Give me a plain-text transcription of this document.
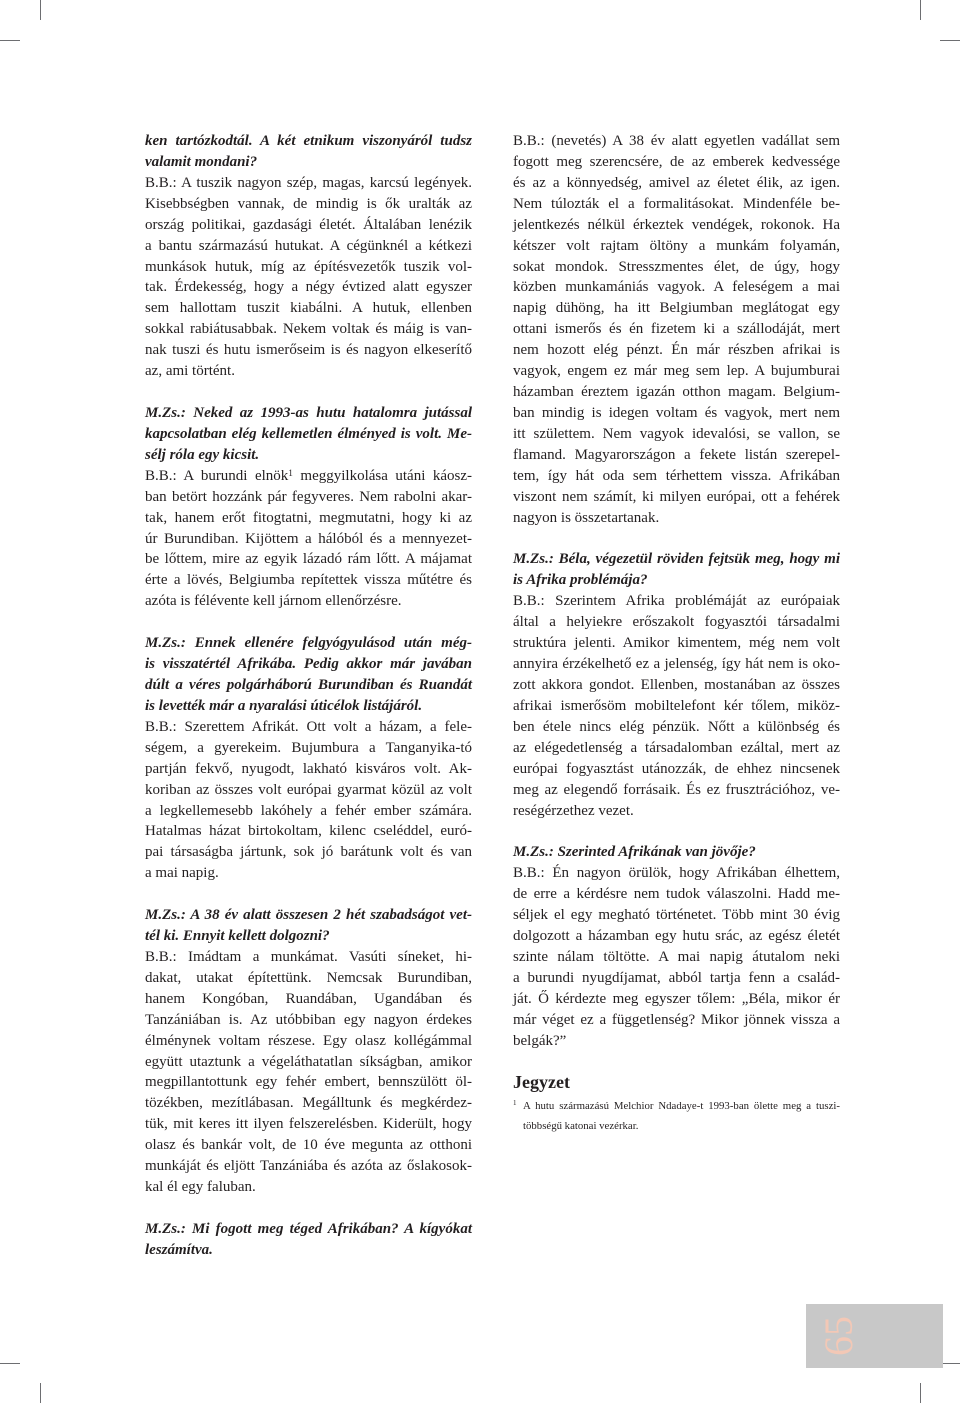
ken tartózkodtál. A két etnikum viszonyáról tudsz
valamit mondani?
B.B.: A tuszik nagyon szép, magas, karcsú legények.
Kisebbségben vannak, de mindig is ők uralták az
ország politikai, gazdasági életét. Általában lenézik
a bantu származású hutukat. A cégünknél a kétkezi
munkások hutuk, míg az építésvezetők tuszik vol-
tak. Érdekesség, hogy a négy évtized alatt egyszer
sem hallottam tuszit kiabálni. A hutuk, ellenben
sokkal rabiátusabbak. Nekem voltak és máig is van-
nak tuszi és hutu ismerőseim is és nagyon elkeserítő
az, ami történt.
M.Zs.: Neked az 1993-as hutu hatalomra jutással
kapcsolatban elég kellemetlen élményed is volt. Me-
sélj róla egy kicsit.
B.B.: A burundi elnök$^1$ meggyilkolása utáni káosz-
ban betört hozzánk pár fegyveres. Nem rabolni akar-
tak, hanem erőt fitogtatni, megmutatni, hogy ki az
úr Burundiban. Kijöttem a hálóból és a mennyezet-
be lőttem, mire az egyik lázadó rám lőtt. A májamat
érte a lövés, Belgiumba repítettek vissza műtétre és
azóta is félévente kell járnom ellenőrzésre.
M.Zs.: Ennek ellenére felgyógyulásod után még-
is visszatértél Afrikába. Pedig akkor már javában
dúlt a véres polgárháború Burundiban és Ruandát
is levették már a nyaralási úticélok listájáról.
B.B.: Szerettem Afrikát. Ott volt a házam, a fele-
ségem, a gyerekeim. Bujumbura a Tanganyika-tó
partján fekvő, nyugodt, lakható kisváros volt. Ak-
koriban az összes volt európai gyarmat közül az volt
a legkellemesebb lakóhely a fehér ember számára.
Hatalmas házat birtokoltam, kilenc cseléddel, euró-
pai társaságba jártunk, sok jó barátunk volt és van
a mai napig.
M.Zs.: A 38 év alatt összesen 2 hét szabadságot vet-
tél ki. Ennyit kellett dolgozni?
B.B.: Imádtam a munkámat. Vasúti síneket, hi-
dakat, utakat építettünk. Nemcsak Burundiban,
hanem Kongóban, Ruandában, Ugandában és
Tanzániában is. Az utóbbiban egy nagyon érdekes
élménynek voltam részese. Egy olasz kollégámmal
együtt utaztunk a végeláthatatlan síkságban, amikor
megpillantottunk egy fehér embert, bennszülött öl-
tözékben, mezítlábasan. Megálltunk és megkérdez-
tük, mit keres itt ilyen felszerelésben. Kiderült, hogy
olasz és bankár volt, de 10 éve megunta az otthoni
munkáját és eljött Tanzániába és azóta az őslakosok-
kal él egy faluban.
M.Zs.: Mi fogott meg téged Afrikában? A kígyókat
leszámítva.
B.B.: (nevetés) A 38 év alatt egyetlen vadállat sem
fogott meg szerencsére, de az emberek kedvessége
és az a könnyedség, amivel az életet élik, az igen.
Nem túlozták el a formalitásokat. Mindenféle be-
jelentkezés nélkül érkeztek vendégek, rokonok. Ha
kétszer volt rajtam öltöny a munkám folyamán,
sokat mondok. Stresszmentes élet, de úgy, hogy
közben munkamániás vagyok. A feleségem a mai
napig dühöng, ha itt Belgiumban meglátogat egy
ottani ismerős és én fizetem ki a szállodáját, mert
nem hozott elég pénzt. Én már részben afrikai is
vagyok, engem ez már meg sem lep. A bujumburai
házamban éreztem igazán otthon magam. Belgium-
ban mindig is idegen voltam és vagyok, mert nem
itt születtem. Nem vagyok idevalósi, se vallon, se
flamand. Magyarországon a fekete listán szerepel-
tem, így hát oda sem térhettem vissza. Afrikában
viszont nem számít, ki milyen európai, ott a fehérek
nagyon is összetartanak.
M.Zs.: Béla, végezetül röviden fejtsük meg, hogy mi
is Afrika problémája?
B.B.: Szerintem Afrika problémáját az európaiak
által a helyiekre erőszakolt fogyasztói társadalmi
struktúra jelenti. Amikor kimentem, még nem volt
annyira érzékelhető ez a jelenség, így hát nem is oko-
zott akkora gondot. Ellenben, mostanában az összes
afrikai ismerősöm mobiltelefont kér tőlem, miköz-
ben étele nincs elég pénzük. Nőtt a különbség és
az elégedetlenség a társadalomban ezáltal, mert az
európai fogyasztást utánozzák, de ehhez nincsenek
meg az elegendő forrásaik. És ez frusztrációhoz, ve-
reségérzethez vezet.
M.Zs.: Szerinted Afrikának van jövője?
B.B.: Én nagyon örülök, hogy Afrikában élhettem,
de erre a kérdésre nem tudok válaszolni. Hadd me-
séljek el egy megható történetet. Több mint 30 évig
dolgozott a házamban egy hutu srác, az egész életét
szinte nálam töltötte. A mai napig átutalom neki
a burundi nyugdíjamat, abból tartja fenn a család-
ját. Ő kérdezte meg egyszer tőlem: „Béla, mikor ér
már véget ez a függetlenség? Mikor jönnek vissza a
belgák?”
Jegyzet
1 A hutu származású Melchior Ndadaye-t 1993-ban ölette meg a tuszi-
többségű katonai vezérkar.
65
